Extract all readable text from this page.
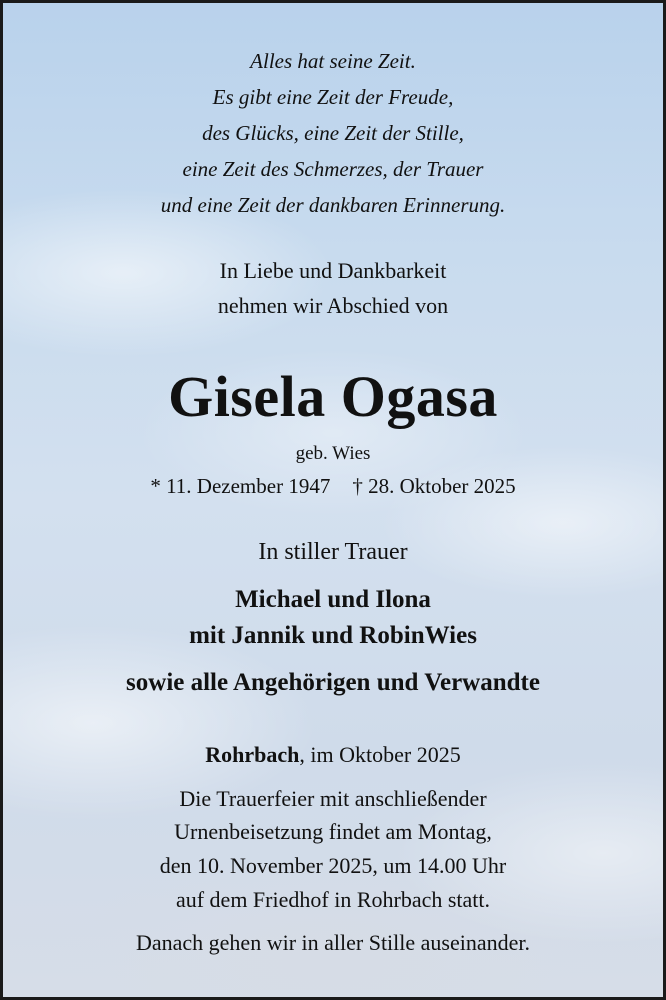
Alles hat seine Zeit.
Es gibt eine Zeit der Freude,
des Glücks, eine Zeit der Stille,
eine Zeit des Schmerzes, der Trauer
und eine Zeit der dankbaren Erinnerung.
In Liebe und Dankbarkeit
nehmen wir Abschied von
Gisela Ogasa
geb. Wies
* 11. Dezember 1947 † 28. Oktober 2025
In stiller Trauer
Michael und Ilona
mit Jannik und RobinWies
sowie alle Angehörigen und Verwandte
Rohrbach, im Oktober 2025
Die Trauerfeier mit anschließender
Urnenbeisetzung findet am Montag,
den 10. November 2025, um 14.00 Uhr
auf dem Friedhof in Rohrbach statt.
Danach gehen wir in aller Stille auseinander.
